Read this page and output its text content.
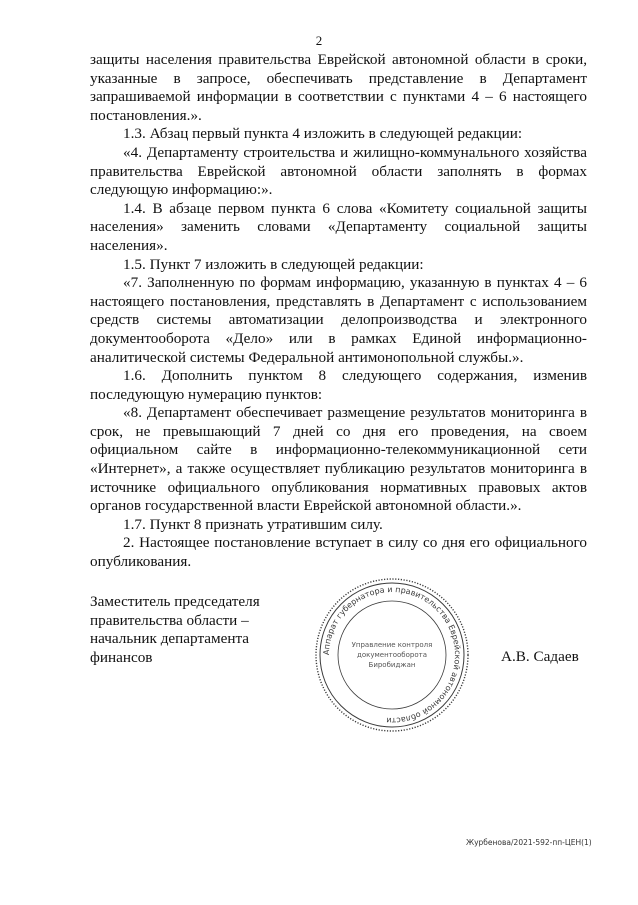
2

защиты населения правительства Еврейской автономной области в сроки, указанные в запросе, обеспечивать представление в Департамент запрашиваемой информации в соответствии с пунктами 4 – 6 настоящего постановления.».

1.3. Абзац первый пункта 4 изложить в следующей редакции:

«4. Департаменту строительства и жилищно-коммунального хозяйства правительства Еврейской автономной области заполнять в формах следующую информацию:».

1.4. В абзаце первом пункта 6 слова «Комитету социальной защиты населения» заменить словами «Департаменту социальной защиты населения».

1.5. Пункт 7 изложить в следующей редакции:

«7. Заполненную по формам информацию, указанную в пунктах 4 – 6 настоящего постановления, представлять в Департамент с использованием средств системы автоматизации делопроизводства и электронного документооборота «Дело» или в рамках Единой информационно-аналитической системы Федеральной антимонопольной службы.».

1.6. Дополнить пунктом 8 следующего содержания, изменив последующую нумерацию пунктов:

«8. Департамент обеспечивает размещение результатов мониторинга в срок, не превышающий 7 дней со дня его проведения, на своем официальном сайте в информационно-телекоммуникационной сети «Интернет», а также осуществляет публикацию результатов мониторинга в источнике официального опубликования нормативных правовых актов органов государственной власти Еврейской автономной области.».

1.7. Пункт 8 признать утратившим силу.

2. Настоящее постановление вступает в силу со дня его официального опубликования.

Заместитель председателя
правительства области –
начальник департамента
финансов	Аппарат губернатора и правительства Еврейской автономной области
Управление контроля
документооборота
Биробиджан	А.В. Садаев
Журбенова/2021-592-пп-ЦЕН(1)
